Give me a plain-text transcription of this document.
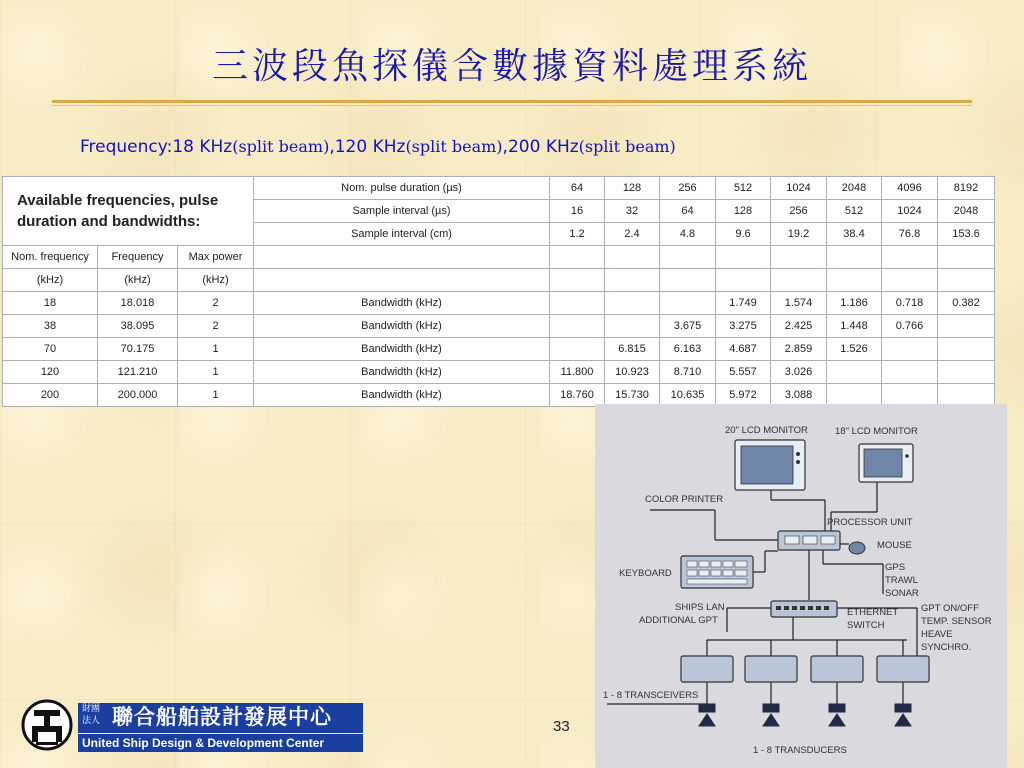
三波段魚探儀含數據資料處理系統
Frequency:18 KHz(split beam),120 KHz(split beam),200 KHz(split beam)
Available frequencies, pulse duration and bandwidths:			Nom. pulse duration (µs)	64	128	256	512	1024	2048	4096	8192
			Sample interval (µs)	16	32	64	128	256	512	1024	2048
			Sample interval (cm)	1.2	2.4	4.8	9.6	19.2	38.4	76.8	153.6
Nom. frequency	Frequency	Max power									
(kHz)	(kHz)	(kHz)									
18	18.018	2	Bandwidth (kHz)				1.749	1.574	1.186	0.718	0.382
38	38.095	2	Bandwidth (kHz)			3.675	3.275	2.425	1.448	0.766	
70	70.175	1	Bandwidth (kHz)		6.815	6.163	4.687	2.859	1.526		
120	121.210	1	Bandwidth (kHz)	11.800	10.923	8.710	5.557	3.026			
200	200.000	1	Bandwidth (kHz)	18.760	15.730	10.635	5.972	3.088			
20" LCD MONITOR	18" LCD MONITOR
COLOR PRINTER
PROCESSOR UNIT
MOUSE
GPS
TRAWL
SONAR
KEYBOARD
SHIPS LAN
ADDITIONAL GPT
ETHERNET
SWITCH
GPT ON/OFF
TEMP. SENSOR
HEAVE
SYNCHRO.
1 - 8 TRANSCEIVERS
1 - 8 TRANSDUCERS
財團
法人 聯合船舶設計發展中心
United Ship Design & Development Center
33
